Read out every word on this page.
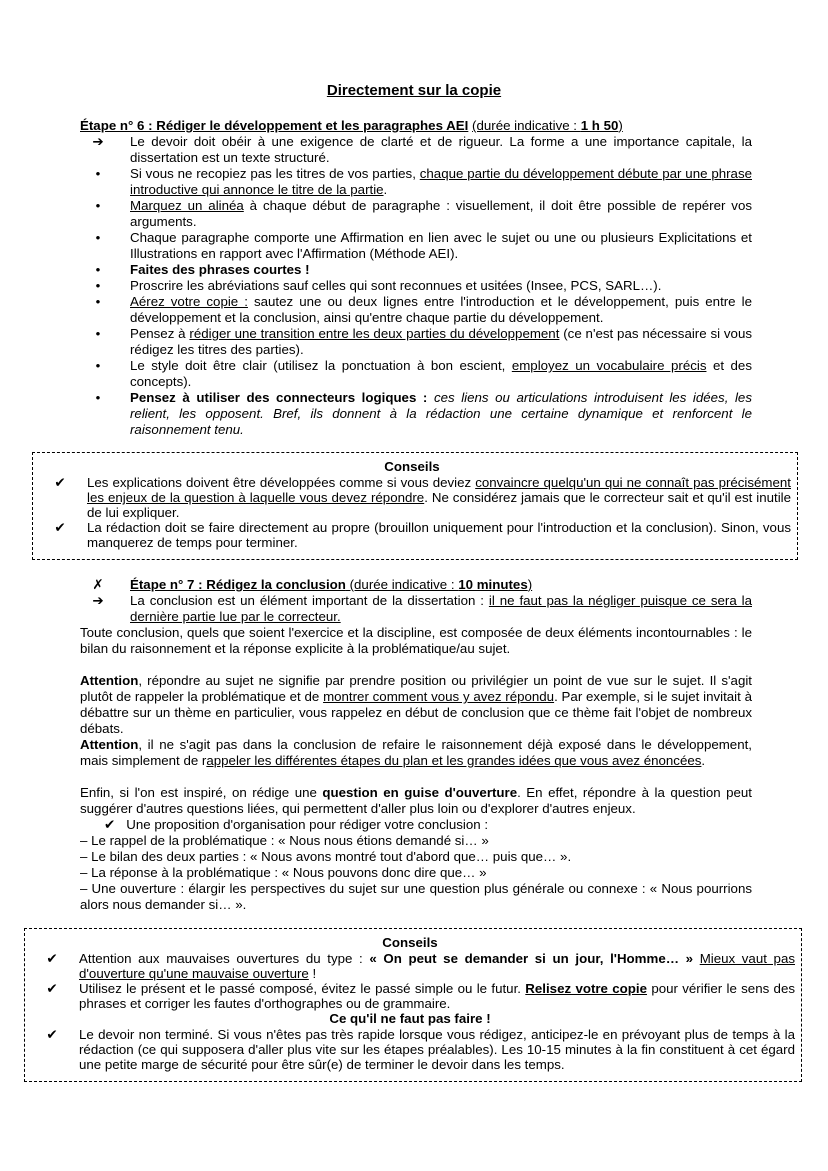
Directement sur la copie
Étape n° 6 : Rédiger le développement et les paragraphes AEI (durée indicative : 1 h 50)
➔	Le devoir doit obéir à une exigence de clarté et de rigueur. La forme a une importance capitale, la dissertation est un texte structuré.
•	Si vous ne recopiez pas les titres de vos parties, chaque partie du développement débute par une phrase introductive qui annonce le titre de la partie.
•	Marquez un alinéa à chaque début de paragraphe : visuellement, il doit être possible de repérer vos arguments.
•	Chaque paragraphe comporte une Affirmation en lien avec le sujet ou une ou plusieurs Explicitations et Illustrations en rapport avec l'Affirmation (Méthode AEI).
•	Faites des phrases courtes !
•	Proscrire les abréviations sauf celles qui sont reconnues et usitées (Insee, PCS, SARL…).
•	Aérez votre copie : sautez une ou deux lignes entre l'introduction et le développement, puis entre le développement et la conclusion, ainsi qu'entre chaque partie du développement.
•	Pensez à rédiger une transition entre les deux parties du développement (ce n'est pas nécessaire si vous rédigez les titres des parties).
•	Le style doit être clair (utilisez la ponctuation à bon escient, employez un vocabulaire précis et des concepts).
•	Pensez à utiliser des connecteurs logiques : ces liens ou articulations introduisent les idées, les relient, les opposent. Bref, ils donnent à la rédaction une certaine dynamique et renforcent le raisonnement tenu.
Conseils
✔	Les explications doivent être développées comme si vous deviez convaincre quelqu'un qui ne connaît pas précisément les enjeux de la question à laquelle vous devez répondre. Ne considérez jamais que le correcteur sait et qu'il est inutile de lui expliquer.
✔	La rédaction doit se faire directement au propre (brouillon uniquement pour l'introduction et la conclusion). Sinon, vous manquerez de temps pour terminer.
✗	Étape n° 7 : Rédigez la conclusion (durée indicative : 10 minutes)
➔	La conclusion est un élément important de la dissertation : il ne faut pas la négliger puisque ce sera la dernière partie lue par le correcteur.

Toute conclusion, quels que soient l'exercice et la discipline, est composée de deux éléments incontournables : le bilan du raisonnement et la réponse explicite à la problématique/au sujet.

Attention, répondre au sujet ne signifie par prendre position ou privilégier un point de vue sur le sujet. Il s'agit plutôt de rappeler la problématique et de montrer comment vous y avez répondu. Par exemple, si le sujet invitait à débattre sur un thème en particulier, vous rappelez en début de conclusion que ce thème fait l'objet de nombreux débats.

Attention, il ne s'agit pas dans la conclusion de refaire le raisonnement déjà exposé dans le développement, mais simplement de rappeler les différentes étapes du plan et les grandes idées que vous avez énoncées.

Enfin, si l'on est inspiré, on rédige une question en guise d'ouverture. En effet, répondre à la question peut suggérer d'autres questions liées, qui permettent d'aller plus loin ou d'explorer d'autres enjeux.

✔ Une proposition d'organisation pour rédiger votre conclusion :
– Le rappel de la problématique : « Nous nous étions demandé si… »
– Le bilan des deux parties : « Nous avons montré tout d'abord que… puis que… ».
– La réponse à la problématique : « Nous pouvons donc dire que… »
– Une ouverture : élargir les perspectives du sujet sur une question plus générale ou connexe : « Nous pourrions alors nous demander si… ».
Conseils
✔	Attention aux mauvaises ouvertures du type : « On peut se demander si un jour, l'Homme… » Mieux vaut pas d'ouverture qu'une mauvaise ouverture !
✔	Utilisez le présent et le passé composé, évitez le passé simple ou le futur. Relisez votre copie pour vérifier le sens des phrases et corriger les fautes d'orthographes ou de grammaire.
Ce qu'il ne faut pas faire !
✔	Le devoir non terminé. Si vous n'êtes pas très rapide lorsque vous rédigez, anticipez-le en prévoyant plus de temps à la rédaction (ce qui supposera d'aller plus vite sur les étapes préalables). Les 10-15 minutes à la fin constituent à cet égard une petite marge de sécurité pour être sûr(e) de terminer le devoir dans les temps.
